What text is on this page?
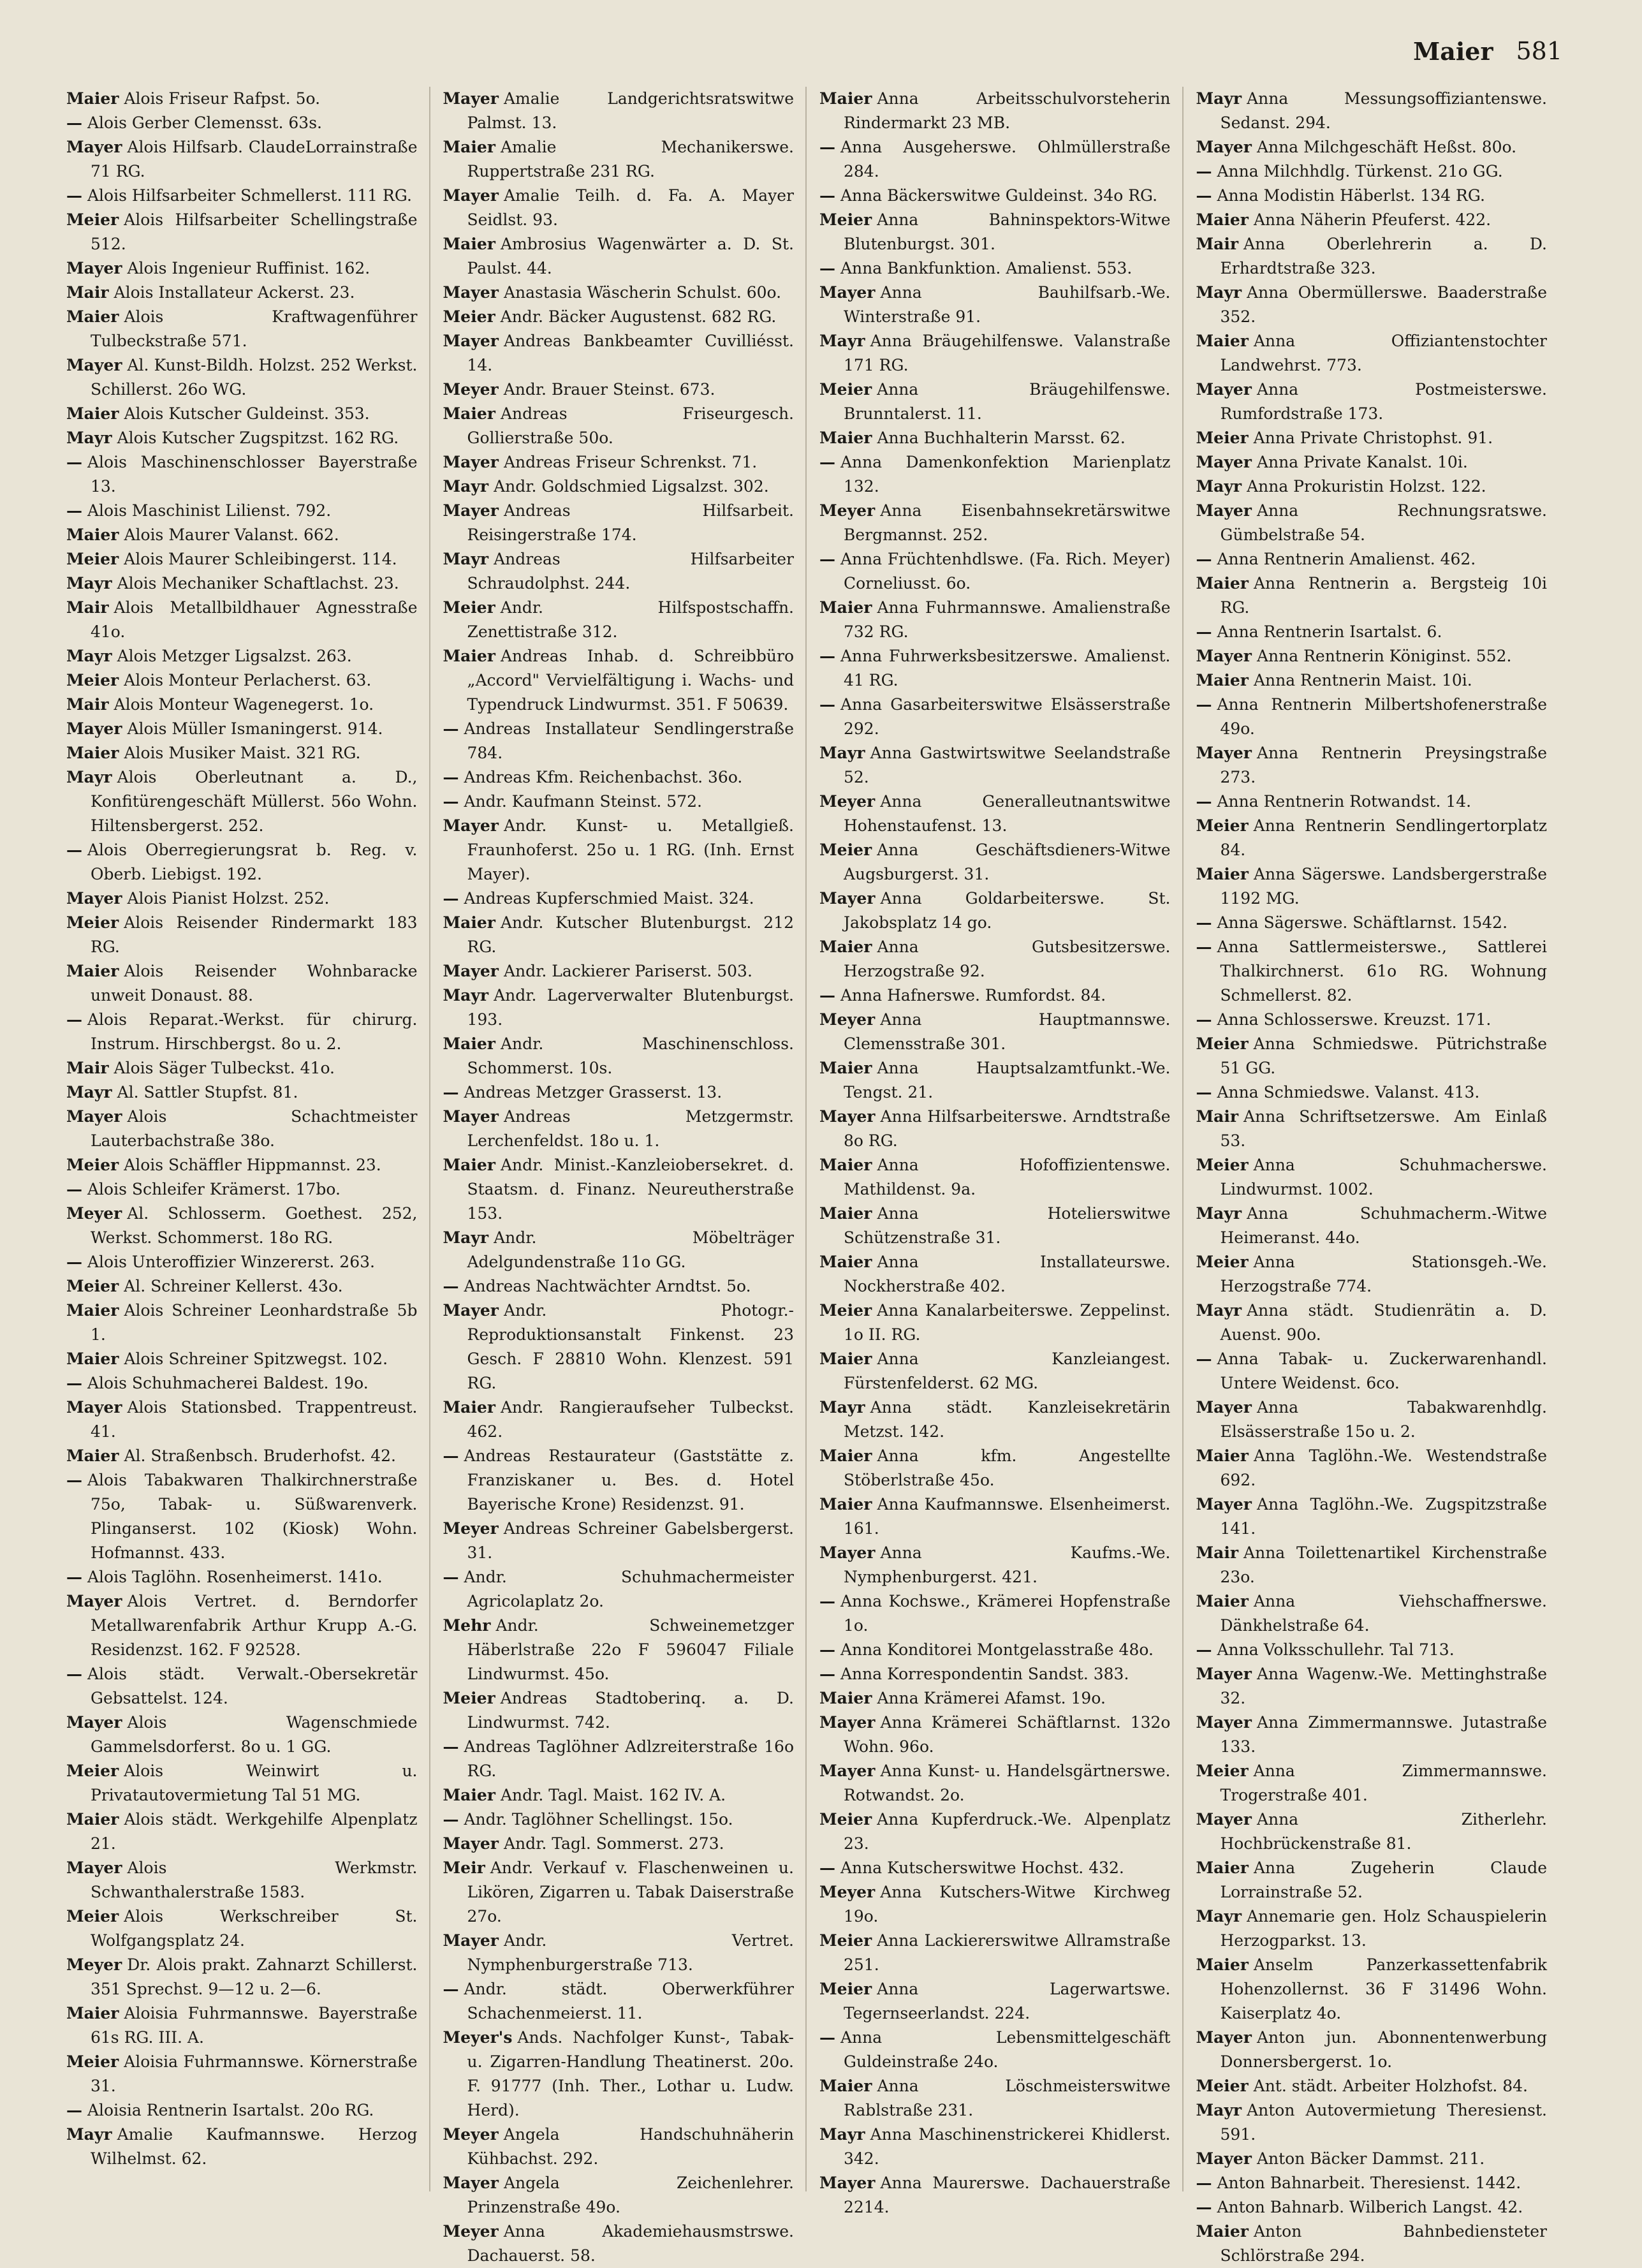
Maier 581

Maier Alois Friseur Rafpst. 5o.

— Alois Gerber Clemensst. 63s.

Mayer Alois Hilfsarb. ClaudeLorrainstraße 71 RG.

— Alois Hilfsarbeiter Schmellerst. 111 RG.

Meier Alois Hilfsarbeiter Schellingstraße 512.

Mayer Alois Ingenieur Ruffinist. 162.

Mair Alois Installateur Ackerst. 23.

Maier Alois Kraftwagenführer Tulbeckstraße 571.

Mayer Al. Kunst-Bildh. Holzst. 252 Werkst. Schillerst. 26o WG.

Maier Alois Kutscher Guldeinst. 353.

Mayr Alois Kutscher Zugspitzst. 162 RG.

— Alois Maschinenschlosser Bayerstraße 13.

— Alois Maschinist Lilienst. 792.

Maier Alois Maurer Valanst. 662.

Meier Alois Maurer Schleibingerst. 114.

Mayr Alois Mechaniker Schaftlachst. 23.

Mair Alois Metallbildhauer Agnesstraße 41o.

Mayr Alois Metzger Ligsalzst. 263.

Meier Alois Monteur Perlacherst. 63.

Mair Alois Monteur Wagenegerst. 1o.

Mayer Alois Müller Ismaningerst. 914.

Maier Alois Musiker Maist. 321 RG.

Mayr Alois Oberleutnant a. D., Konfitürengeschäft Müllerst. 56o Wohn. Hiltensbergerst. 252.

— Alois Oberregierungsrat b. Reg. v. Oberb. Liebigst. 192.

Mayer Alois Pianist Holzst. 252.

Meier Alois Reisender Rindermarkt 183 RG.

Maier Alois Reisender Wohnbaracke unweit Donaust. 88.

— Alois Reparat.-Werkst. für chirurg. Instrum. Hirschbergst. 8o u. 2.

Mair Alois Säger Tulbeckst. 41o.

Mayr Al. Sattler Stupfst. 81.

Mayer Alois Schachtmeister Lauterbachstraße 38o.

Meier Alois Schäffler Hippmannst. 23.

— Alois Schleifer Krämerst. 17bo.

Meyer Al. Schlosserm. Goethest. 252, Werkst. Schommerst. 18o RG.

— Alois Unteroffizier Winzererst. 263.

Meier Al. Schreiner Kellerst. 43o.

Maier Alois Schreiner Leonhardstraße 5b 1.

Maier Alois Schreiner Spitzwegst. 102.

— Alois Schuhmacherei Baldest. 19o.

Mayer Alois Stationsbed. Trappentreust. 41.

Maier Al. Straßenbsch. Bruderhofst. 42.

— Alois Tabakwaren Thalkirchnerstraße 75o, Tabak- u. Süßwarenverk. Plinganserst. 102 (Kiosk) Wohn. Hofmannst. 433.

— Alois Taglöhn. Rosenheimerst. 141o.

Mayer Alois Vertret. d. Berndorfer Metallwarenfabrik Arthur Krupp A.-G. Residenzst. 162. F 92528.

— Alois städt. Verwalt.-Obersekretär Gebsattelst. 124.

Mayer Alois Wagenschmiede Gammelsdorferst. 8o u. 1 GG.

Meier Alois Weinwirt u. Privatautovermietung Tal 51 MG.

Maier Alois städt. Werkgehilfe Alpenplatz 21.

Mayer Alois Werkmstr. Schwanthalerstraße 1583.

Meier Alois Werkschreiber St. Wolfgangsplatz 24.

Meyer Dr. Alois prakt. Zahnarzt Schillerst. 351 Sprechst. 9—12 u. 2—6.

Maier Aloisia Fuhrmannswe. Bayerstraße 61s RG. III. A.

Meier Aloisia Fuhrmannswe. Körnerstraße 31.

— Aloisia Rentnerin Isartalst. 20o RG.

Mayr Amalie Kaufmannswe. Herzog Wilhelmst. 62.

Mayer Amalie Landgerichtsratswitwe Palmst. 13.

Maier Amalie Mechanikerswe. Ruppertstraße 231 RG.

Mayer Amalie Teilh. d. Fa. A. Mayer Seidlst. 93.

Maier Ambrosius Wagenwärter a. D. St. Paulst. 44.

Mayer Anastasia Wäscherin Schulst. 60o.

Meier Andr. Bäcker Augustenst. 682 RG.

Mayer Andreas Bankbeamter Cuvilliésst. 14.

Meyer Andr. Brauer Steinst. 673.

Maier Andreas Friseurgesch. Gollierstraße 50o.

Mayer Andreas Friseur Schrenkst. 71.

Mayr Andr. Goldschmied Ligsalzst. 302.

Mayer Andreas Hilfsarbeit. Reisingerstraße 174.

Mayr Andreas Hilfsarbeiter Schraudolphst. 244.

Meier Andr. Hilfspostschaffn. Zenettistraße 312.

Maier Andreas Inhab. d. Schreibbüro „Accord" Vervielfältigung i. Wachs- und Typendruck Lindwurmst. 351. F 50639.

— Andreas Installateur Sendlingerstraße 784.

— Andreas Kfm. Reichenbachst. 36o.

— Andr. Kaufmann Steinst. 572.

Mayer Andr. Kunst- u. Metallgieß. Fraunhoferst. 25o u. 1 RG. (Inh. Ernst Mayer).

— Andreas Kupferschmied Maist. 324.

Maier Andr. Kutscher Blutenburgst. 212 RG.

Mayer Andr. Lackierer Pariserst. 503.

Mayr Andr. Lagerverwalter Blutenburgst. 193.

Maier Andr. Maschinenschloss. Schommerst. 10s.

— Andreas Metzger Grasserst. 13.

Mayer Andreas Metzgermstr. Lerchenfeldst. 18o u. 1.

Maier Andr. Minist.-Kanzleiobersekret. d. Staatsm. d. Finanz. Neureutherstraße 153.

Mayr Andr. Möbelträger Adelgundenstraße 11o GG.

— Andreas Nachtwächter Arndtst. 5o.

Mayer Andr. Photogr.-Reproduktionsanstalt Finkenst. 23 Gesch. F 28810 Wohn. Klenzest. 591 RG.

Maier Andr. Rangieraufseher Tulbeckst. 462.

— Andreas Restaurateur (Gaststätte z. Franziskaner u. Bes. d. Hotel Bayerische Krone) Residenzst. 91.

Meyer Andreas Schreiner Gabelsbergerst. 31.

— Andr. Schuhmachermeister Agricolaplatz 2o.

Mehr Andr. Schweinemetzger Häberlstraße 22o F 596047 Filiale Lindwurmst. 45o.

Meier Andreas Stadtoberinq. a. D. Lindwurmst. 742.

— Andreas Taglöhner Adlzreiterstraße 16o RG.

Maier Andr. Tagl. Maist. 162 IV. A.

— Andr. Taglöhner Schellingst. 15o.

Mayer Andr. Tagl. Sommerst. 273.

Meir Andr. Verkauf v. Flaschenweinen u. Likören, Zigarren u. Tabak Daiserstraße 27o.

Mayer Andr. Vertret. Nymphenburgerstraße 713.

— Andr. städt. Oberwerkführer Schachenmeierst. 11.

Meyer's Ands. Nachfolger Kunst-, Tabak- u. Zigarren-Handlung Theatinerst. 20o. F. 91777 (Inh. Ther., Lothar u. Ludw. Herd).

Meyer Angela Handschuhnäherin Kühbachst. 292.

Mayer Angela Zeichenlehrer. Prinzenstraße 49o.

Meyer Anna Akademiehausmstrswe. Dachauerst. 58.

Maier Anna Arbeitsschulvorsteherin Rindermarkt 23 MB.

— Anna Ausgeherswe. Ohlmüllerstraße 284.

— Anna Bäckerswitwe Guldeinst. 34o RG.

Meier Anna Bahninspektors-Witwe Blutenburgst. 301.

— Anna Bankfunktion. Amalienst. 553.

Mayer Anna Bauhilfsarb.-We. Winterstraße 91.

Mayr Anna Bräugehilfenswe. Valanstraße 171 RG.

Meier Anna Bräugehilfenswe. Brunntalerst. 11.

Maier Anna Buchhalterin Marsst. 62.

— Anna Damenkonfektion Marienplatz 132.

Meyer Anna Eisenbahnsekretärswitwe Bergmannst. 252.

— Anna Früchtenhdlswe. (Fa. Rich. Meyer) Corneliusst. 6o.

Maier Anna Fuhrmannswe. Amalienstraße 732 RG.

— Anna Fuhrwerksbesitzerswe. Amalienst. 41 RG.

— Anna Gasarbeiterswitwe Elsässerstraße 292.

Mayr Anna Gastwirtswitwe Seelandstraße 52.

Meyer Anna Generalleutnantswitwe Hohenstaufenst. 13.

Meier Anna Geschäftsdieners-Witwe Augsburgerst. 31.

Mayer Anna Goldarbeiterswe. St. Jakobsplatz 14 go.

Maier Anna Gutsbesitzerswe. Herzogstraße 92.

— Anna Hafnerswe. Rumfordst. 84.

Meyer Anna Hauptmannswe. Clemensstraße 301.

Maier Anna Hauptsalzamtfunkt.-We. Tengst. 21.

Mayer Anna Hilfsarbeiterswe. Arndtstraße 8o RG.

Maier Anna Hofoffizientenswe. Mathildenst. 9a.

Maier Anna Hotelierswitwe Schützenstraße 31.

Maier Anna Installateurswe. Nockherstraße 402.

Meier Anna Kanalarbeiterswe. Zeppelinst. 1o II. RG.

Maier Anna Kanzleiangest. Fürstenfelderst. 62 MG.

Mayr Anna städt. Kanzleisekretärin Metzst. 142.

Maier Anna kfm. Angestellte Stöberlstraße 45o.

Maier Anna Kaufmannswe. Elsenheimerst. 161.

Mayer Anna Kaufms.-We. Nymphenburgerst. 421.

— Anna Kochswe., Krämerei Hopfenstraße 1o.

— Anna Konditorei Montgelasstraße 48o.

— Anna Korrespondentin Sandst. 383.

Maier Anna Krämerei Afamst. 19o.

Mayer Anna Krämerei Schäftlarnst. 132o Wohn. 96o.

Mayer Anna Kunst- u. Handelsgärtnerswe. Rotwandst. 2o.

Meier Anna Kupferdruck.-We. Alpenplatz 23.

— Anna Kutscherswitwe Hochst. 432.

Meyer Anna Kutschers-Witwe Kirchweg 19o.

Meier Anna Lackiererswitwe Allramstraße 251.

Meier Anna Lagerwartswe. Tegernseerlandst. 224.

— Anna Lebensmittelgeschäft Guldeinstraße 24o.

Maier Anna Löschmeisterswitwe Rablstraße 231.

Mayr Anna Maschinenstrickerei Khidlerst. 342.

Mayer Anna Maurerswe. Dachauerstraße 2214.

Mayr Anna Messungsoffiziantenswe. Sedanst. 294.

Mayer Anna Milchgeschäft Heßst. 80o.

— Anna Milchhdlg. Türkenst. 21o GG.

— Anna Modistin Häberlst. 134 RG.

Maier Anna Näherin Pfeuferst. 422.

Mair Anna Oberlehrerin a. D. Erhardtstraße 323.

Mayr Anna Obermüllerswe. Baaderstraße 352.

Maier Anna Offiziantenstochter Landwehrst. 773.

Mayer Anna Postmeisterswe. Rumfordstraße 173.

Meier Anna Private Christophst. 91.

Mayer Anna Private Kanalst. 10i.

Mayr Anna Prokuristin Holzst. 122.

Mayer Anna Rechnungsratswe. Gümbelstraße 54.

— Anna Rentnerin Amalienst. 462.

Maier Anna Rentnerin a. Bergsteig 10i RG.

— Anna Rentnerin Isartalst. 6.

Mayer Anna Rentnerin Königinst. 552.

Maier Anna Rentnerin Maist. 10i.

— Anna Rentnerin Milbertshofenerstraße 49o.

Mayer Anna Rentnerin Preysingstraße 273.

— Anna Rentnerin Rotwandst. 14.

Meier Anna Rentnerin Sendlingertorplatz 84.

Maier Anna Sägerswe. Landsbergerstraße 1192 MG.

— Anna Sägerswe. Schäftlarnst. 1542.

— Anna Sattlermeisterswe., Sattlerei Thalkirchnerst. 61o RG. Wohnung Schmellerst. 82.

— Anna Schlosserswe. Kreuzst. 171.

Meier Anna Schmiedswe. Pütrichstraße 51 GG.

— Anna Schmiedswe. Valanst. 413.

Mair Anna Schriftsetzerswe. Am Einlaß 53.

Meier Anna Schuhmacherswe. Lindwurmst. 1002.

Mayr Anna Schuhmacherm.-Witwe Heimeranst. 44o.

Meier Anna Stationsgeh.-We. Herzogstraße 774.

Mayr Anna städt. Studienrätin a. D. Auenst. 90o.

— Anna Tabak- u. Zuckerwarenhandl. Untere Weidenst. 6co.

Mayer Anna Tabakwarenhdlg. Elsässerstraße 15o u. 2.

Maier Anna Taglöhn.-We. Westendstraße 692.

Mayer Anna Taglöhn.-We. Zugspitzstraße 141.

Mair Anna Toilettenartikel Kirchenstraße 23o.

Maier Anna Viehschaffnerswe. Dänkhelstraße 64.

— Anna Volksschullehr. Tal 713.

Mayer Anna Wagenw.-We. Mettinghstraße 32.

Mayer Anna Zimmermannswe. Jutastraße 133.

Meier Anna Zimmermannswe. Trogerstraße 401.

Mayer Anna Zitherlehr. Hochbrückenstraße 81.

Maier Anna Zugeherin Claude Lorrainstraße 52.

Mayr Annemarie gen. Holz Schauspielerin Herzogparkst. 13.

Maier Anselm Panzerkassettenfabrik Hohenzollernst. 36 F 31496 Wohn. Kaiserplatz 4o.

Mayer Anton jun. Abonnentenwerbung Donnersbergerst. 1o.

Meier Ant. städt. Arbeiter Holzhofst. 84.

Mayr Anton Autovermietung Theresienst. 591.

Mayer Anton Bäcker Dammst. 211.

— Anton Bahnarbeit. Theresienst. 1442.

— Anton Bahnarb. Wilberich Langst. 42.

Maier Anton Bahnbediensteter Schlörstraße 294.
